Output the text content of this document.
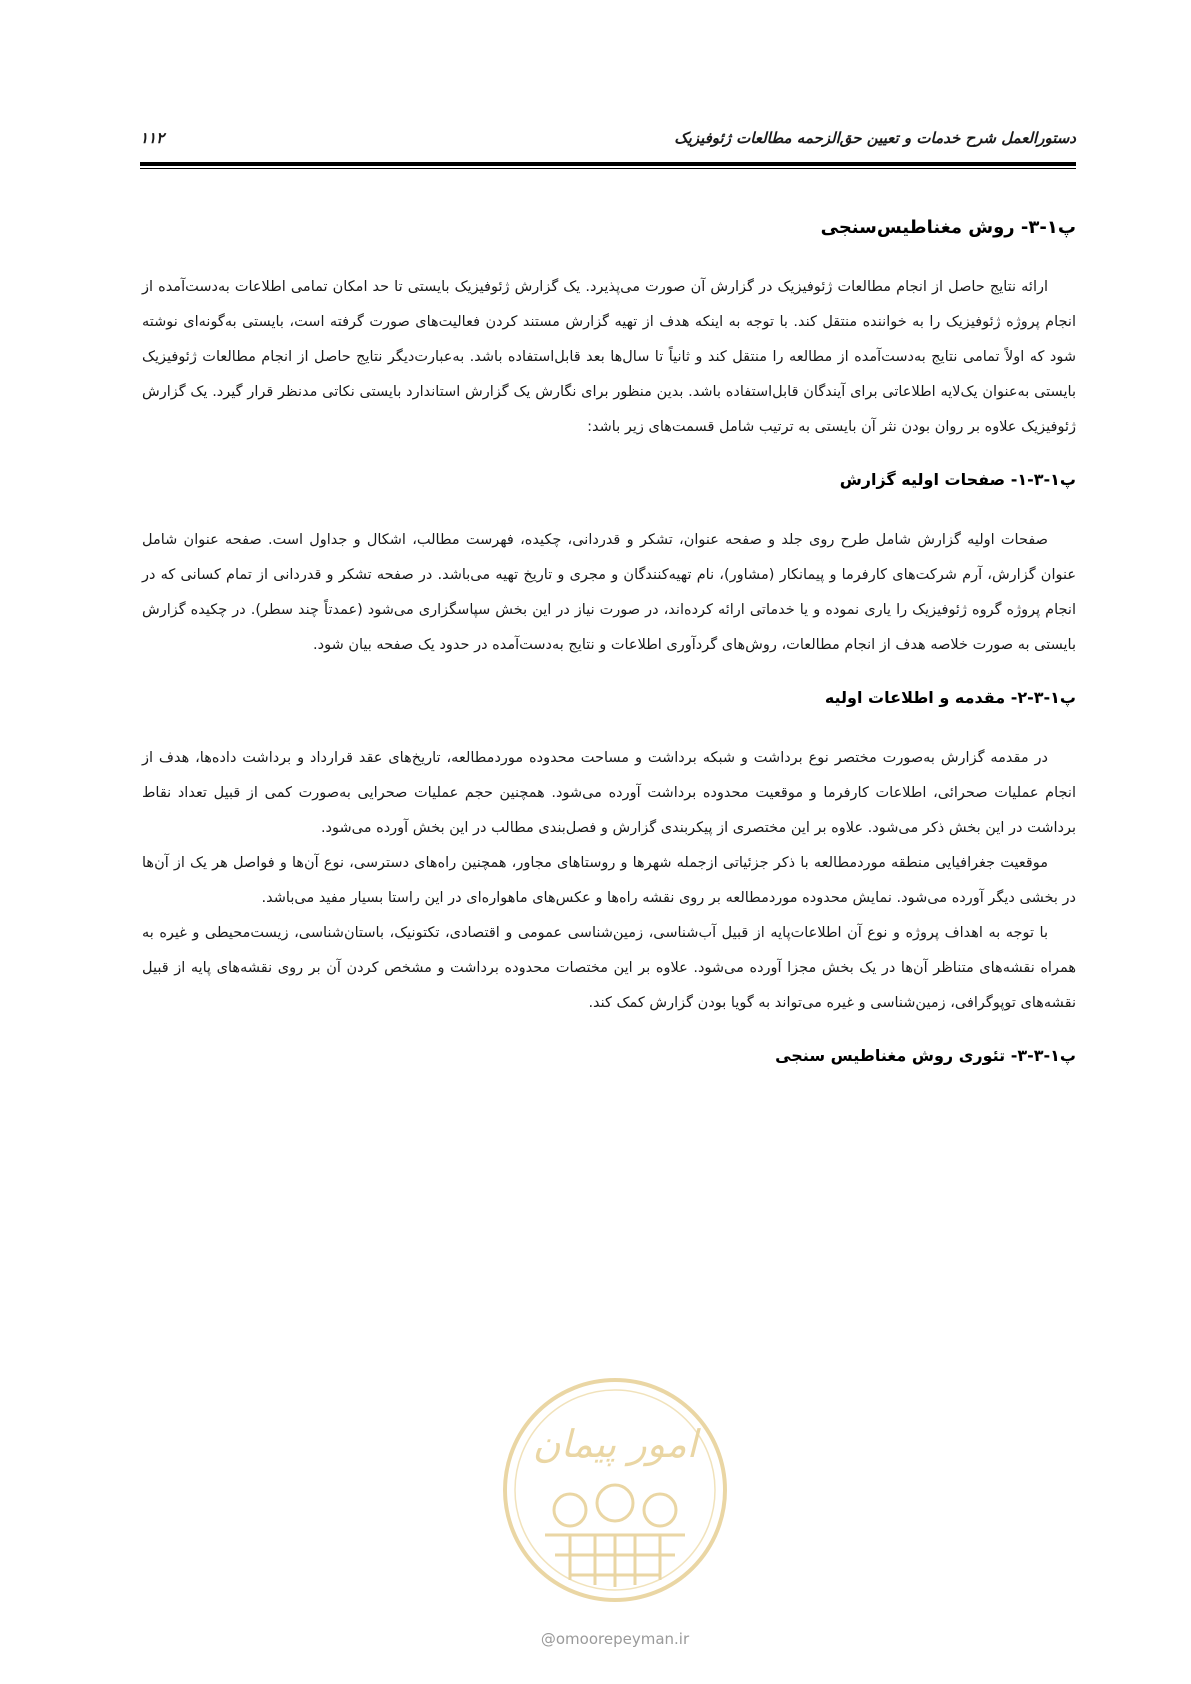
دستورالعمل شرح خدمات و تعیین حق‌الزحمه مطالعات ژئوفیزیک
۱۱۲
پ۱-۳- روش مغناطیس‌سنجی

ارائه نتایج حاصل از انجام مطالعات ژئوفیزیک در گزارش آن صورت می‌پذیرد. یک گزارش ژئوفیزیک بایستی تا حد امکان تمامی اطلاعات به‌دست‌آمده از انجام پروژه ژئوفیزیک را به خواننده منتقل کند. با توجه به اینکه هدف از تهیه گزارش مستند کردن فعالیت‌های صورت گرفته است، بایستی به‌گونه‌ای نوشته شود که اولاً تمامی نتایج به‌دست‌آمده از مطالعه را منتقل کند و ثانیاً تا سال‌ها بعد قابل‌استفاده باشد. به‌عبارت‌دیگر نتایج حاصل از انجام مطالعات ژئوفیزیک بایستی به‌عنوان یک‌لایه اطلاعاتی برای آیندگان قابل‌استفاده باشد. بدین منظور برای نگارش یک گزارش استاندارد بایستی نکاتی مدنظر قرار گیرد. یک گزارش ژئوفیزیک علاوه بر روان بودن نثر آن بایستی به ترتیب شامل قسمت‌های زیر باشد:

پ۱-۳-۱- صفحات اولیه گزارش

صفحات اولیه گزارش شامل طرح روی جلد و صفحه عنوان، تشکر و قدردانی، چکیده، فهرست مطالب، اشکال و جداول است. صفحه عنوان شامل عنوان گزارش، آرم شرکت‌های کارفرما و پیمانکار (مشاور)، نام تهیه‌کنندگان و مجری و تاریخ تهیه می‌باشد. در صفحه تشکر و قدردانی از تمام کسانی که در انجام پروژه گروه ژئوفیزیک را یاری نموده و یا خدماتی ارائه کرده‌اند، در صورت نیاز در این بخش سپاسگزاری می‌شود (عمدتاً چند سطر). در چکیده گزارش بایستی به صورت خلاصه هدف از انجام مطالعات، روش‌های گردآوری اطلاعات و نتایج به‌دست‌آمده در حدود یک صفحه بیان شود.

پ۱-۳-۲- مقدمه و اطلاعات اولیه

در مقدمه گزارش به‌صورت مختصر نوع برداشت و شبکه برداشت و مساحت محدوده موردمطالعه، تاریخ‌های عقد قرارداد و برداشت داده‌ها، هدف از انجام عملیات صحرائی، اطلاعات کارفرما و موقعیت محدوده برداشت آورده می‌شود. همچنین حجم عملیات صحرایی به‌صورت کمی از قبیل تعداد نقاط برداشت در این بخش ذکر می‌شود. علاوه بر این مختصری از پیکربندی گزارش و فصل‌بندی مطالب در این بخش آورده می‌شود.

موقعیت جغرافیایی منطقه موردمطالعه با ذکر جزئیاتی ازجمله شهرها و روستاهای مجاور، همچنین راه‌های دسترسی، نوع آن‌ها و فواصل هر یک از آن‌ها در بخشی دیگر آورده می‌شود. نمایش محدوده موردمطالعه بر روی نقشه راه‌ها و عکس‌های ماهواره‌ای در این راستا بسیار مفید می‌باشد.

با توجه به اهداف پروژه و نوع آن اطلاعات‌پایه از قبیل آب‌شناسی، زمین‌شناسی عمومی و اقتصادی، تکتونیک، باستان‌شناسی، زیست‌محیطی و غیره به همراه نقشه‌های متناظر آن‌ها در یک بخش مجزا آورده می‌شود. علاوه بر این مختصات محدوده برداشت و مشخص کردن آن بر روی نقشه‌های پایه از قبیل نقشه‌های توپوگرافی، زمین‌شناسی و غیره می‌تواند به گویا بودن گزارش کمک کند.

پ۱-۳-۳- تئوری روش مغناطیس سنجی
امور پیمان
@omoorepeyman.ir
